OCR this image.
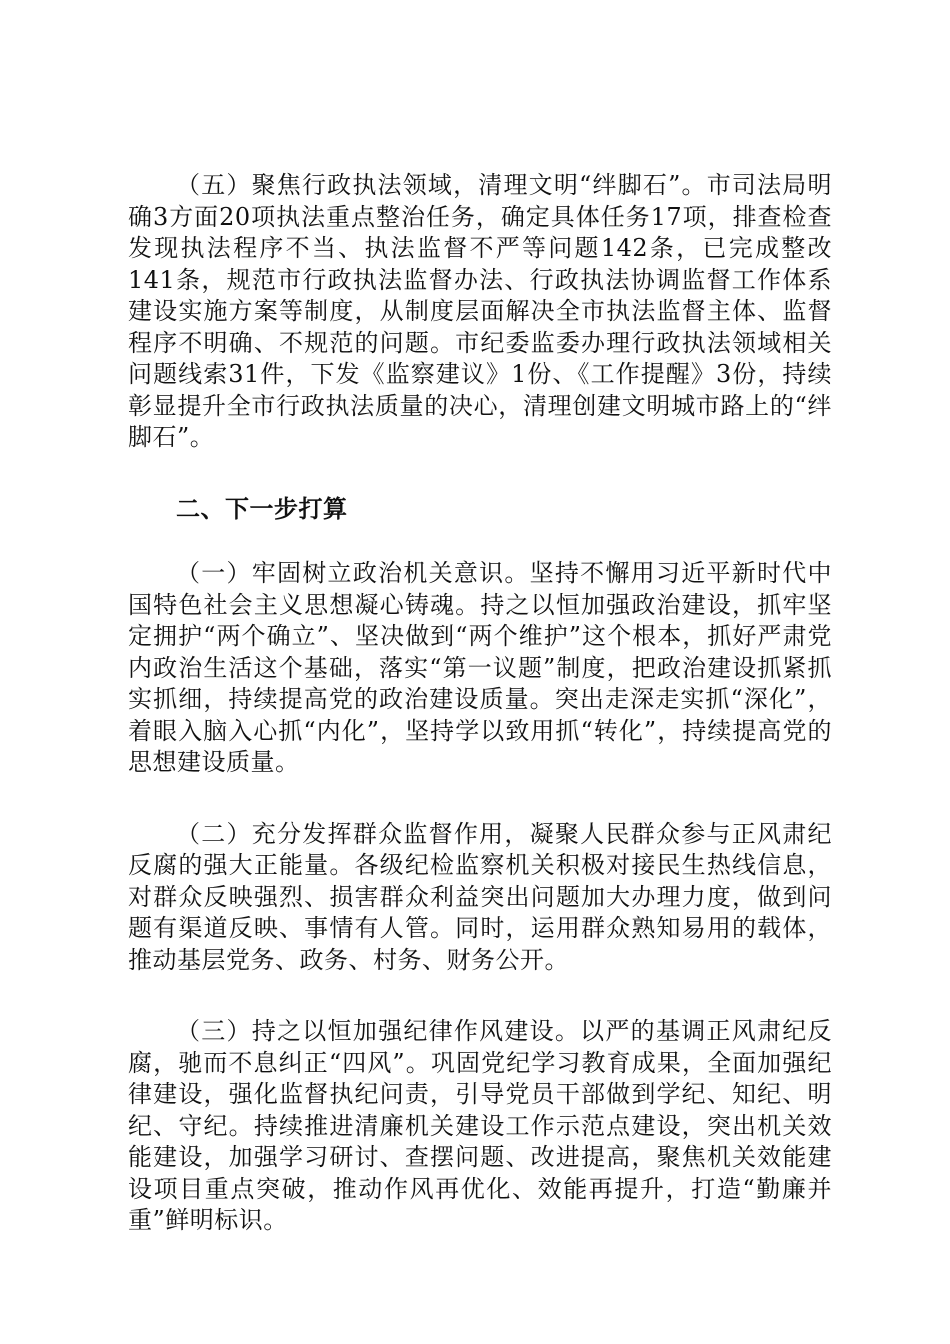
（五）聚焦行政执法领域，清理文明“绊脚石”。市司法局明确3方面20项执法重点整治任务，确定具体任务17项，排查检查发现执法程序不当、执法监督不严等问题142条，已完成整改141条，规范市行政执法监督办法、行政执法协调监督工作体系建设实施方案等制度，从制度层面解决全市执法监督主体、监督程序不明确、不规范的问题。市纪委监委办理行政执法领域相关问题线索31件，下发《监察建议》1份、《工作提醒》3份，持续彰显提升全市行政执法质量的决心，清理创建文明城市路上的“绊脚石”。

二、下一步打算

（一）牢固树立政治机关意识。坚持不懈用习近平新时代中国特色社会主义思想凝心铸魂。持之以恒加强政治建设，抓牢坚定拥护“两个确立”、坚决做到“两个维护”这个根本，抓好严肃党内政治生活这个基础，落实“第一议题”制度，把政治建设抓紧抓实抓细，持续提高党的政治建设质量。突出走深走实抓“深化”，着眼入脑入心抓“内化”，坚持学以致用抓“转化”，持续提高党的思想建设质量。

（二）充分发挥群众监督作用，凝聚人民群众参与正风肃纪反腐的强大正能量。各级纪检监察机关积极对接民生热线信息，对群众反映强烈、损害群众利益突出问题加大办理力度，做到问题有渠道反映、事情有人管。同时，运用群众熟知易用的载体，推动基层党务、政务、村务、财务公开。

（三）持之以恒加强纪律作风建设。以严的基调正风肃纪反腐，驰而不息纠正“四风”。巩固党纪学习教育成果，全面加强纪律建设，强化监督执纪问责，引导党员干部做到学纪、知纪、明纪、守纪。持续推进清廉机关建设工作示范点建设，突出机关效能建设，加强学习研讨、查摆问题、改进提高，聚焦机关效能建设项目重点突破，推动作风再优化、效能再提升，打造“勤廉并重”鲜明标识。
